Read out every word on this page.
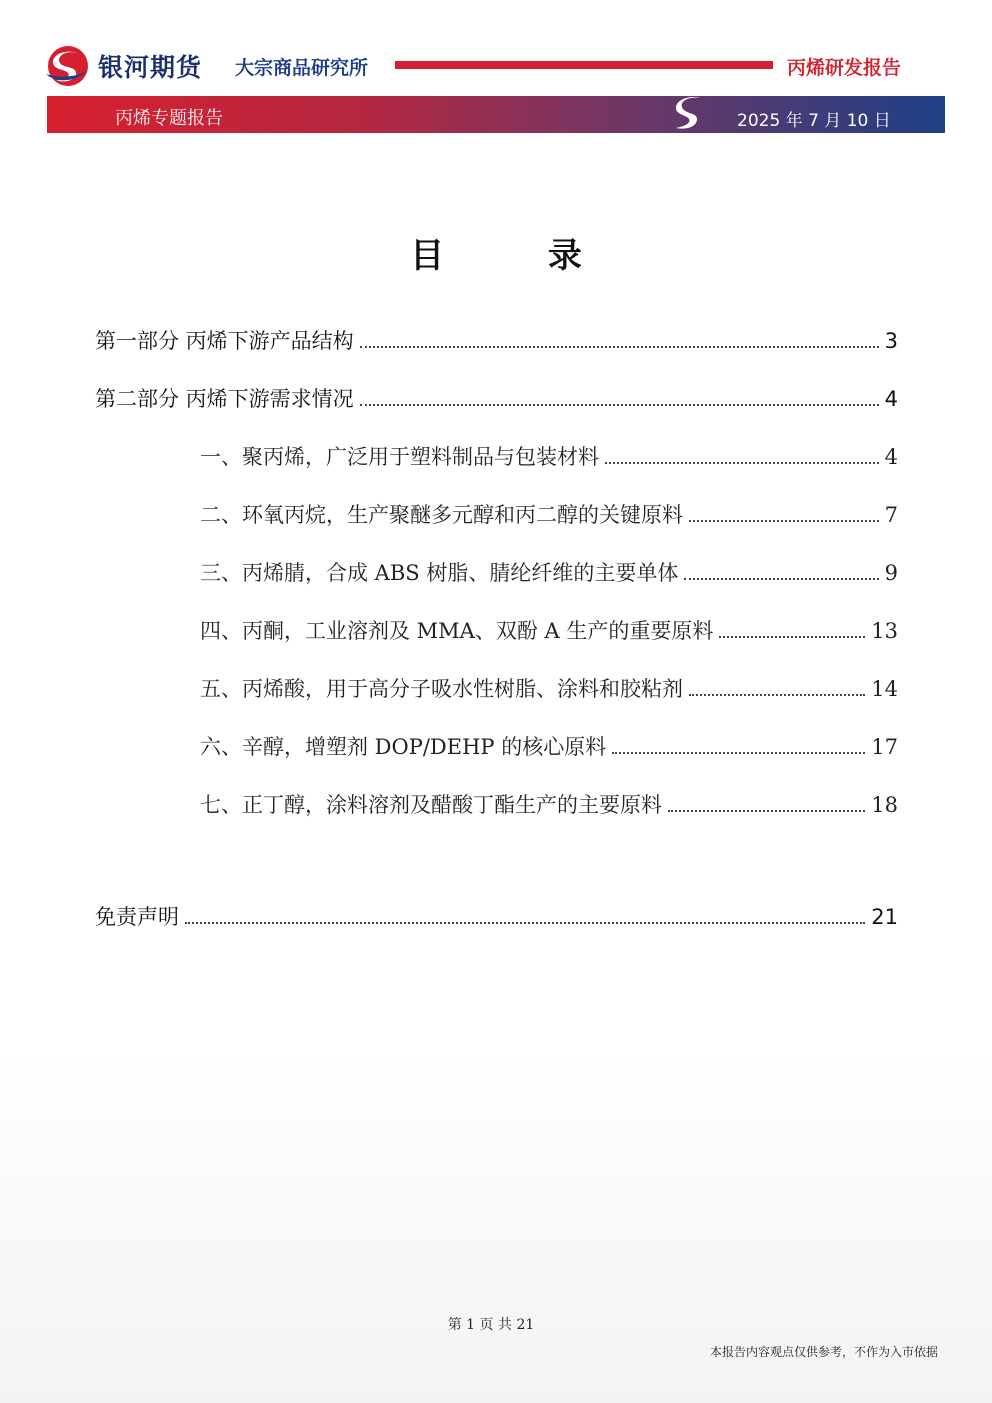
银河期货 大宗商品研究所	丙烯研发报告
丙烯专题报告	2025 年 7 月 10 日
目 录
第一部分 丙烯下游产品结构	3
第二部分 丙烯下游需求情况	4
一、聚丙烯，广泛用于塑料制品与包装材料	4
二、环氧丙烷，生产聚醚多元醇和丙二醇的关键原料	7
三、丙烯腈，合成 ABS 树脂、腈纶纤维的主要单体	9
四、丙酮，工业溶剂及 MMA、双酚 A 生产的重要原料	13
五、丙烯酸，用于高分子吸水性树脂、涂料和胶粘剂	14
六、辛醇，增塑剂 DOP/DEHP 的核心原料	17
七、正丁醇，涂料溶剂及醋酸丁酯生产的主要原料	18
免责声明	21
第 1 页 共 21
本报告内容观点仅供参考，不作为入市依据
